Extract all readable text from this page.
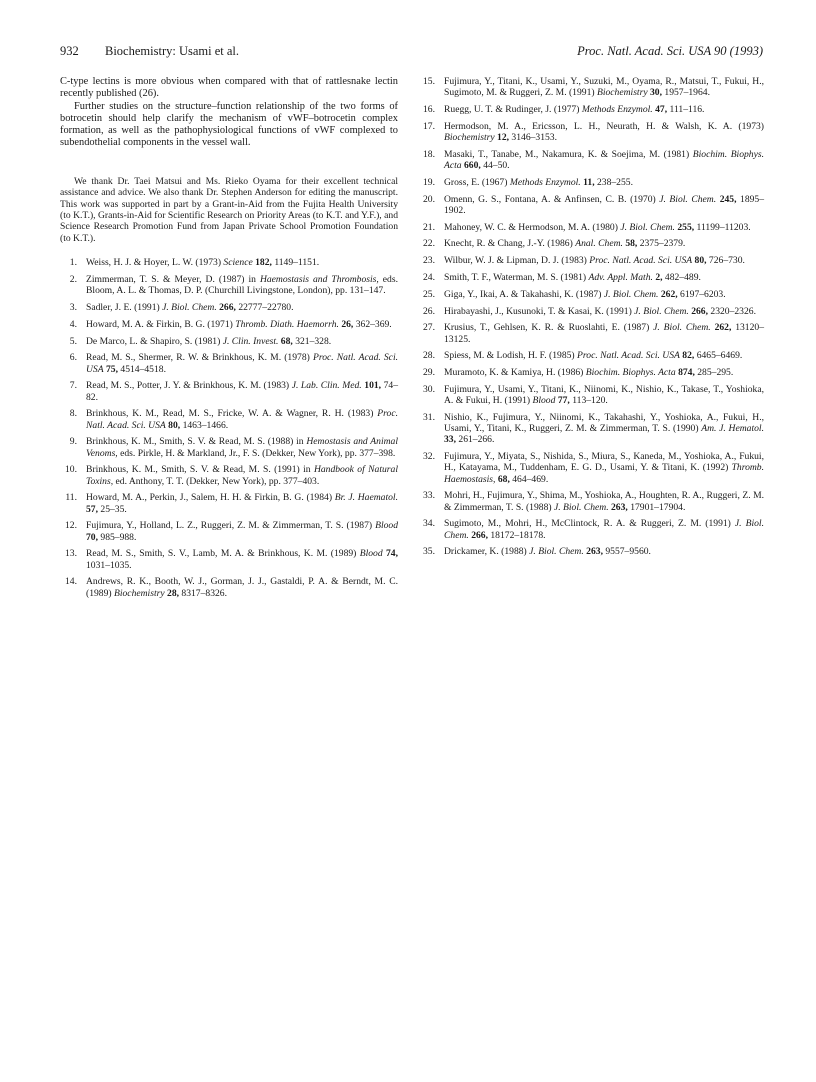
932 Biochemistry: Usami et al.	Proc. Natl. Acad. Sci. USA 90 (1993)

C-type lectins is more obvious when compared with that of rattlesnake lectin recently published (26).

Further studies on the structure–function relationship of the two forms of botrocetin should help clarify the mechanism of vWF–botrocetin complex formation, as well as the pathophysiological functions of vWF complexed to subendothelial components in the vessel wall.

We thank Dr. Taei Matsui and Ms. Rieko Oyama for their excellent technical assistance and advice. We also thank Dr. Stephen Anderson for editing the manuscript. This work was supported in part by a Grant-in-Aid from the Fujita Health University (to K.T.), Grants-in-Aid for Scientific Research on Priority Areas (to K.T. and Y.F.), and Science Research Promotion Fund from Japan Private School Promotion Foundation (to K.T.).

1. Weiss, H. J. & Hoyer, L. W. (1973) Science 182, 1149–1151.
2. Zimmerman, T. S. & Meyer, D. (1987) in Haemostasis and Thrombosis, eds. Bloom, A. L. & Thomas, D. P. (Churchill Livingstone, London), pp. 131–147.
3. Sadler, J. E. (1991) J. Biol. Chem. 266, 22777–22780.
4. Howard, M. A. & Firkin, B. G. (1971) Thromb. Diath. Haemorrh. 26, 362–369.
5. De Marco, L. & Shapiro, S. (1981) J. Clin. Invest. 68, 321–328.
6. Read, M. S., Shermer, R. W. & Brinkhous, K. M. (1978) Proc. Natl. Acad. Sci. USA 75, 4514–4518.
7. Read, M. S., Potter, J. Y. & Brinkhous, K. M. (1983) J. Lab. Clin. Med. 101, 74–82.
8. Brinkhous, K. M., Read, M. S., Fricke, W. A. & Wagner, R. H. (1983) Proc. Natl. Acad. Sci. USA 80, 1463–1466.
9. Brinkhous, K. M., Smith, S. V. & Read, M. S. (1988) in Hemostasis and Animal Venoms, eds. Pirkle, H. & Markland, Jr., F. S. (Dekker, New York), pp. 377–398.
10. Brinkhous, K. M., Smith, S. V. & Read, M. S. (1991) in Handbook of Natural Toxins, ed. Anthony, T. T. (Dekker, New York), pp. 377–403.
11. Howard, M. A., Perkin, J., Salem, H. H. & Firkin, B. G. (1984) Br. J. Haematol. 57, 25–35.
12. Fujimura, Y., Holland, L. Z., Ruggeri, Z. M. & Zimmerman, T. S. (1987) Blood 70, 985–988.
13. Read, M. S., Smith, S. V., Lamb, M. A. & Brinkhous, K. M. (1989) Blood 74, 1031–1035.
14. Andrews, R. K., Booth, W. J., Gorman, J. J., Gastaldi, P. A. & Berndt, M. C. (1989) Biochemistry 28, 8317–8326.
15. Fujimura, Y., Titani, K., Usami, Y., Suzuki, M., Oyama, R., Matsui, T., Fukui, H., Sugimoto, M. & Ruggeri, Z. M. (1991) Biochemistry 30, 1957–1964.
16. Ruegg, U. T. & Rudinger, J. (1977) Methods Enzymol. 47, 111–116.
17. Hermodson, M. A., Ericsson, L. H., Neurath, H. & Walsh, K. A. (1973) Biochemistry 12, 3146–3153.
18. Masaki, T., Tanabe, M., Nakamura, K. & Soejima, M. (1981) Biochim. Biophys. Acta 660, 44–50.
19. Gross, E. (1967) Methods Enzymol. 11, 238–255.
20. Omenn, G. S., Fontana, A. & Anfinsen, C. B. (1970) J. Biol. Chem. 245, 1895–1902.
21. Mahoney, W. C. & Hermodson, M. A. (1980) J. Biol. Chem. 255, 11199–11203.
22. Knecht, R. & Chang, J.-Y. (1986) Anal. Chem. 58, 2375–2379.
23. Wilbur, W. J. & Lipman, D. J. (1983) Proc. Natl. Acad. Sci. USA 80, 726–730.
24. Smith, T. F., Waterman, M. S. (1981) Adv. Appl. Math. 2, 482–489.
25. Giga, Y., Ikai, A. & Takahashi, K. (1987) J. Biol. Chem. 262, 6197–6203.
26. Hirabayashi, J., Kusunoki, T. & Kasai, K. (1991) J. Biol. Chem. 266, 2320–2326.
27. Krusius, T., Gehlsen, K. R. & Ruoslahti, E. (1987) J. Biol. Chem. 262, 13120–13125.
28. Spiess, M. & Lodish, H. F. (1985) Proc. Natl. Acad. Sci. USA 82, 6465–6469.
29. Muramoto, K. & Kamiya, H. (1986) Biochim. Biophys. Acta 874, 285–295.
30. Fujimura, Y., Usami, Y., Titani, K., Niinomi, K., Nishio, K., Takase, T., Yoshioka, A. & Fukui, H. (1991) Blood 77, 113–120.
31. Nishio, K., Fujimura, Y., Niinomi, K., Takahashi, Y., Yoshioka, A., Fukui, H., Usami, Y., Titani, K., Ruggeri, Z. M. & Zimmerman, T. S. (1990) Am. J. Hematol. 33, 261–266.
32. Fujimura, Y., Miyata, S., Nishida, S., Miura, S., Kaneda, M., Yoshioka, A., Fukui, H., Katayama, M., Tuddenham, E. G. D., Usami, Y. & Titani, K. (1992) Thromb. Haemostasis, 68, 464–469.
33. Mohri, H., Fujimura, Y., Shima, M., Yoshioka, A., Houghten, R. A., Ruggeri, Z. M. & Zimmerman, T. S. (1988) J. Biol. Chem. 263, 17901–17904.
34. Sugimoto, M., Mohri, H., McClintock, R. A. & Ruggeri, Z. M. (1991) J. Biol. Chem. 266, 18172–18178.
35. Drickamer, K. (1988) J. Biol. Chem. 263, 9557–9560.
